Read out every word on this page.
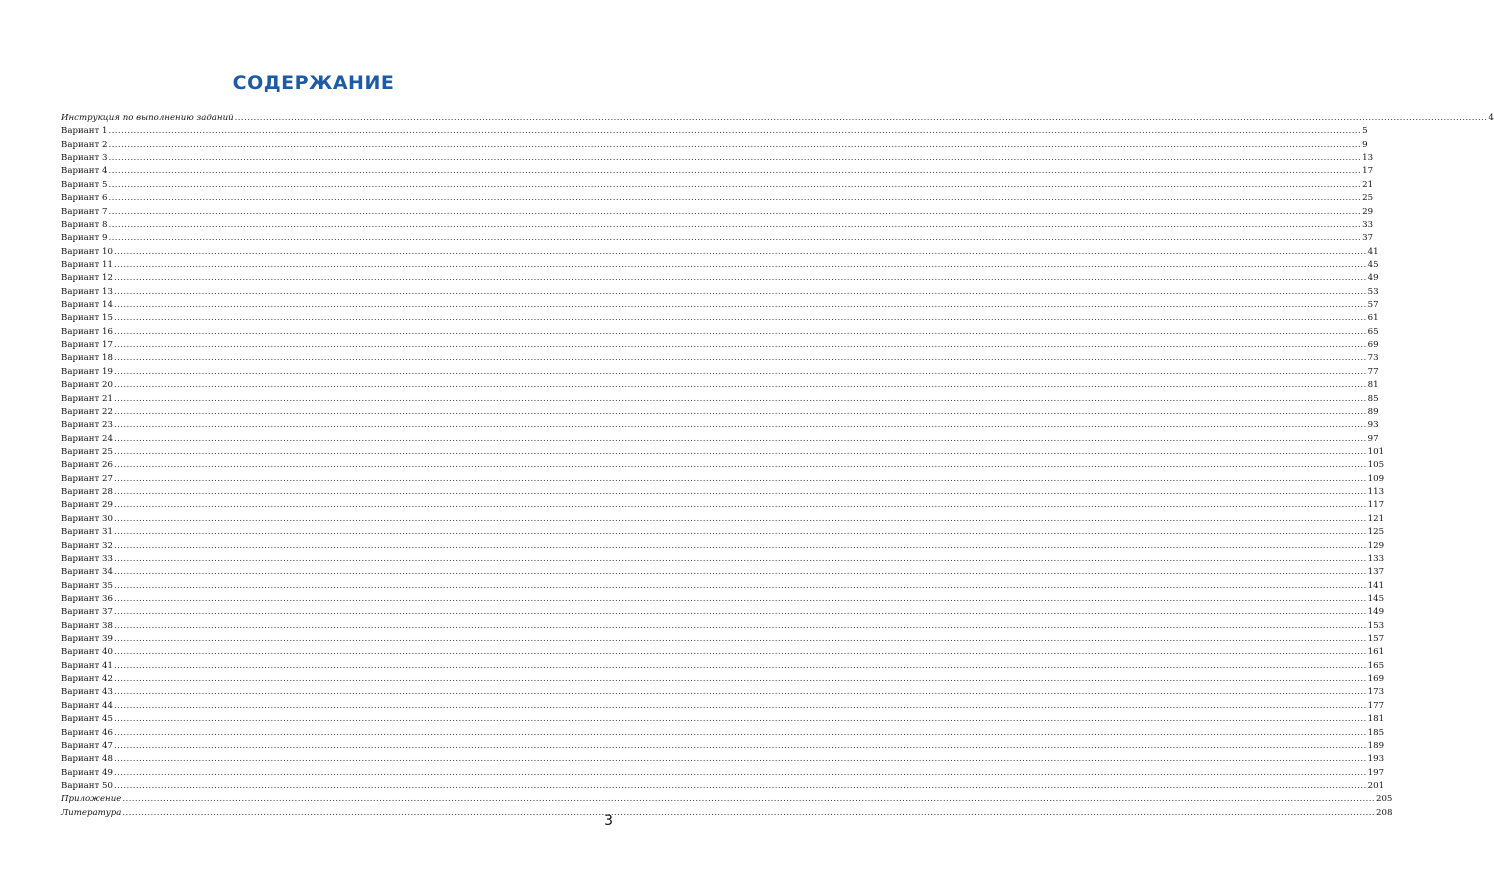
СОДЕРЖАНИЕ
Инструкция по выполнению заданий ................................................................................................................................................................................................................................................................................................................................................................................................................ 4
Вариант 1 ................................................................................................................................................................................................................................................................................................................................................................................................................ 5
Вариант 2 ................................................................................................................................................................................................................................................................................................................................................................................................................ 9
Вариант 3 ................................................................................................................................................................................................................................................................................................................................................................................................................ 13
Вариант 4 ................................................................................................................................................................................................................................................................................................................................................................................................................ 17
Вариант 5 ................................................................................................................................................................................................................................................................................................................................................................................................................ 21
Вариант 6 ................................................................................................................................................................................................................................................................................................................................................................................................................ 25
Вариант 7 ................................................................................................................................................................................................................................................................................................................................................................................................................ 29
Вариант 8 ................................................................................................................................................................................................................................................................................................................................................................................................................ 33
Вариант 9 ................................................................................................................................................................................................................................................................................................................................................................................................................ 37
Вариант 10 ................................................................................................................................................................................................................................................................................................................................................................................................................ 41
Вариант 11 ................................................................................................................................................................................................................................................................................................................................................................................................................ 45
Вариант 12 ................................................................................................................................................................................................................................................................................................................................................................................................................ 49
Вариант 13 ................................................................................................................................................................................................................................................................................................................................................................................................................ 53
Вариант 14 ................................................................................................................................................................................................................................................................................................................................................................................................................ 57
Вариант 15 ................................................................................................................................................................................................................................................................................................................................................................................................................ 61
Вариант 16 ................................................................................................................................................................................................................................................................................................................................................................................................................ 65
Вариант 17 ................................................................................................................................................................................................................................................................................................................................................................................................................ 69
Вариант 18 ................................................................................................................................................................................................................................................................................................................................................................................................................ 73
Вариант 19 ................................................................................................................................................................................................................................................................................................................................................................................................................ 77
Вариант 20 ................................................................................................................................................................................................................................................................................................................................................................................................................ 81
Вариант 21 ................................................................................................................................................................................................................................................................................................................................................................................................................ 85
Вариант 22 ................................................................................................................................................................................................................................................................................................................................................................................................................ 89
Вариант 23 ................................................................................................................................................................................................................................................................................................................................................................................................................ 93
Вариант 24 ................................................................................................................................................................................................................................................................................................................................................................................................................ 97
Вариант 25 ................................................................................................................................................................................................................................................................................................................................................................................................................ 101
Вариант 26 ................................................................................................................................................................................................................................................................................................................................................................................................................ 105
Вариант 27 ................................................................................................................................................................................................................................................................................................................................................................................................................ 109
Вариант 28 ................................................................................................................................................................................................................................................................................................................................................................................................................ 113
Вариант 29 ................................................................................................................................................................................................................................................................................................................................................................................................................ 117
Вариант 30 ................................................................................................................................................................................................................................................................................................................................................................................................................ 121
Вариант 31 ................................................................................................................................................................................................................................................................................................................................................................................................................ 125
Вариант 32 ................................................................................................................................................................................................................................................................................................................................................................................................................ 129
Вариант 33 ................................................................................................................................................................................................................................................................................................................................................................................................................ 133
Вариант 34 ................................................................................................................................................................................................................................................................................................................................................................................................................ 137
Вариант 35 ................................................................................................................................................................................................................................................................................................................................................................................................................ 141
Вариант 36 ................................................................................................................................................................................................................................................................................................................................................................................................................ 145
Вариант 37 ................................................................................................................................................................................................................................................................................................................................................................................................................ 149
Вариант 38 ................................................................................................................................................................................................................................................................................................................................................................................................................ 153
Вариант 39 ................................................................................................................................................................................................................................................................................................................................................................................................................ 157
Вариант 40 ................................................................................................................................................................................................................................................................................................................................................................................................................ 161
Вариант 41 ................................................................................................................................................................................................................................................................................................................................................................................................................ 165
Вариант 42 ................................................................................................................................................................................................................................................................................................................................................................................................................ 169
Вариант 43 ................................................................................................................................................................................................................................................................................................................................................................................................................ 173
Вариант 44 ................................................................................................................................................................................................................................................................................................................................................................................................................ 177
Вариант 45 ................................................................................................................................................................................................................................................................................................................................................................................................................ 181
Вариант 46 ................................................................................................................................................................................................................................................................................................................................................................................................................ 185
Вариант 47 ................................................................................................................................................................................................................................................................................................................................................................................................................ 189
Вариант 48 ................................................................................................................................................................................................................................................................................................................................................................................................................ 193
Вариант 49 ................................................................................................................................................................................................................................................................................................................................................................................................................ 197
Вариант 50 ................................................................................................................................................................................................................................................................................................................................................................................................................ 201
Приложение ................................................................................................................................................................................................................................................................................................................................................................................................................ 205
Литература ................................................................................................................................................................................................................................................................................................................................................................................................................ 208
3
